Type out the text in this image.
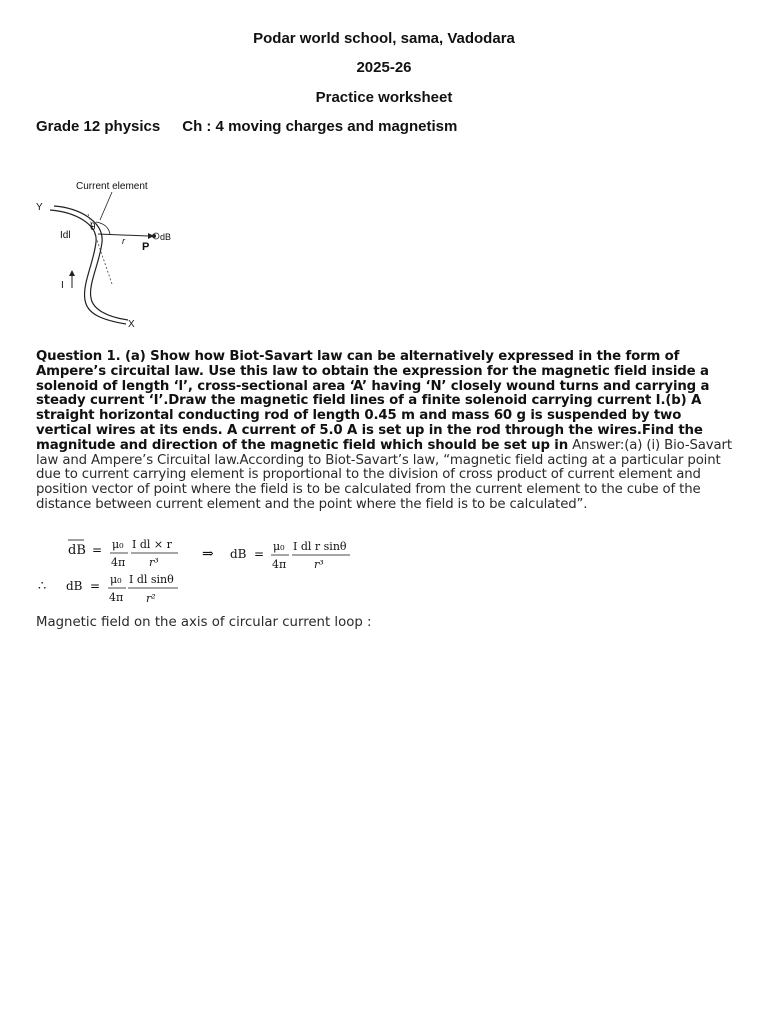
Podar world school, sama, Vadodara
2025-26
Practice worksheet
Grade 12 physics Ch : 4 moving charges and magnetism
Current element
Y
Idl
θ
r P
dB
I
X
Question 1. (a) Show how Biot-Savart law can be alternatively expressed in the form of Ampere’s circuital law. Use this law to obtain the expression for the magnetic field inside a solenoid of length ‘l’, cross-sectional area ‘A’ having ‘N’ closely wound turns and carrying a steady current ‘I’.Draw the magnetic field lines of a finite solenoid carrying current I.(b) A straight horizontal conducting rod of length 0.45 m and mass 60 g is suspended by two vertical wires at its ends. A current of 5.0 A is set up in the rod through the wires.Find the magnitude and direction of the magnetic field which should be set up in Answer:(a) (i) Bio-Savart law and Ampere’s Circuital law.According to Biot-Savart’s law, “magnetic field acting at a particular point due to current carrying element is proportional to the division of cross product of current element and position vector of point where the field is to be calculated from the current element to the cube of the distance between current element and the point where the field is to be calculated”.
dB = μ₀
4π
I dl × r
r³
⇒ dB =
μ₀
4π
I dl r sinθ
r³
∴ dB = μ₀
4π
I dl sinθ
r²
Magnetic field on the axis of circular current loop :
